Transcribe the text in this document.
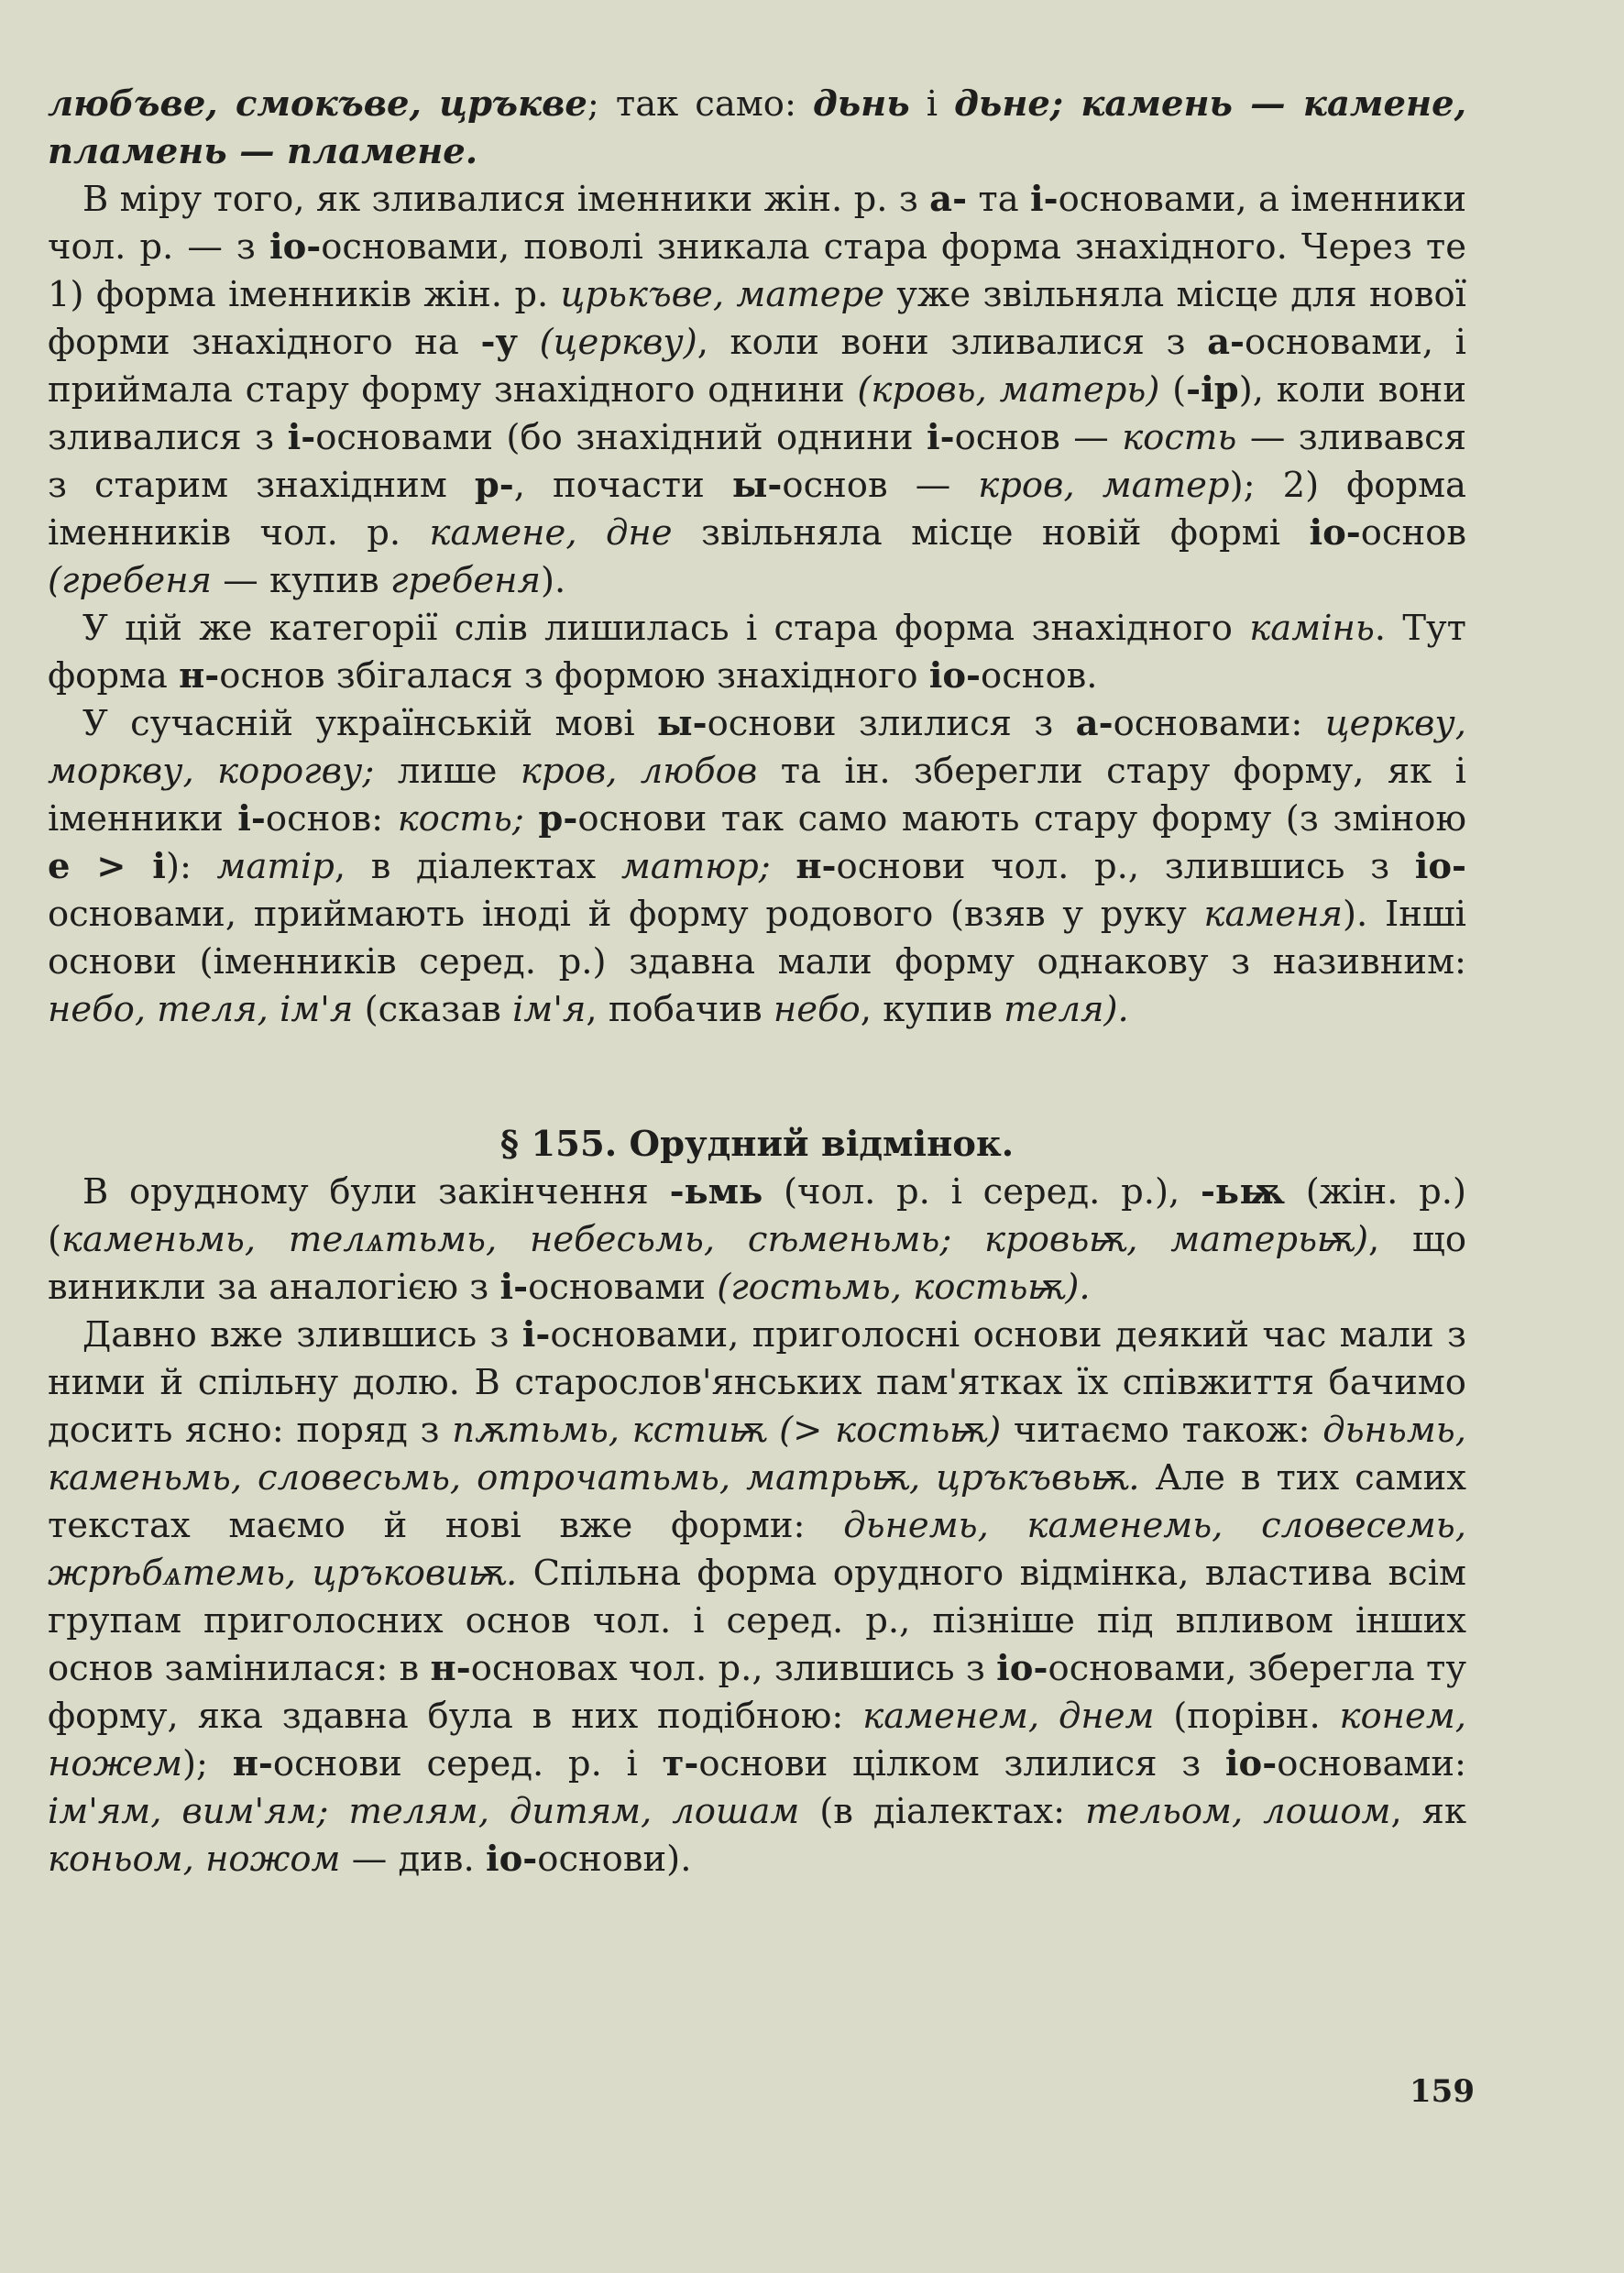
любъве, смокъве, цръкве; так само: дьнь і дьне; камень — камене, пламень — пламене.

В міру того, як зливалися іменники жін. р. з а- та і-основами, а іменники чол. р. — з іо-основами, поволі зникала стара форма знахідного. Через те 1) форма іменників жін. р. црькъве, матере уже звільняла місце для нової форми знахідного на -у (церкву), коли вони зливалися з а-основами, і приймала стару форму знахідного однини (кровь, матерь) (-ір), коли вони зливалися з і-основами (бо знахідний однини і-основ — кость — зливався з старим знахідним р-, почасти ы-основ — кров, матер); 2) форма іменників чол. р. камене, дне звільняла місце новій формі іо-основ (гребеня — купив гребеня).

У цій же категорії слів лишилась і стара форма знахідного камінь. Тут форма н-основ збігалася з формою знахідного іо-основ.

У сучасній українській мові ы-основи злилися з а-основами: церкву, моркву, корогву; лише кров, любов та ін. зберегли стару форму, як і іменники і-основ: кость; р-основи так само мають стару форму (з зміною е > і): матір, в діалектах матюр; н-основи чол. р., злившись з іо-основами, приймають іноді й форму родового (взяв у руку каменя). Інші основи (іменників серед. р.) здавна мали форму однакову з називним: небо, теля, ім'я (сказав ім'я, побачив небо, купив теля).

§ 155. Орудний відмінок.

В орудному були закінчення -ьмь (чол. р. і серед. р.), -ьѭ (жін. р.) (каменьмь, телѧтьмь, небесьмь, сѣменьмь; кровьѭ, матерьѭ), що виникли за аналогією з і-основами (гостьмь, костьѭ).

Давно вже злившись з і-основами, приголосні основи деякий час мали з ними й спільну долю. В старослов'янських пам'ятках їх співжиття бачимо досить ясно: поряд з пѫтьмь, кстиѭ (> костьѭ) читаємо також: дьньмь, каменьмь, словесьмь, отрочатьмь, матрьѭ, цръкъвьѭ. Але в тих самих текстах маємо й нові вже форми: дьнемь, каменемь, словесемь, жрѣбѧтемь, цръковиѭ. Спільна форма орудного відмінка, властива всім групам приголосних основ чол. і серед. р., пізніше під впливом інших основ замінилася: в н-основах чол. р., злившись з іо-основами, зберегла ту форму, яка здавна була в них подібною: каменем, днем (порівн. конем, ножем); н-основи серед. р. і т-основи цілком злилися з іо-основами: ім'ям, вим'ям; телям, дитям, лошам (в діалектах: тельом, лошом, як коньом, ножом — див. іо-основи).

159
